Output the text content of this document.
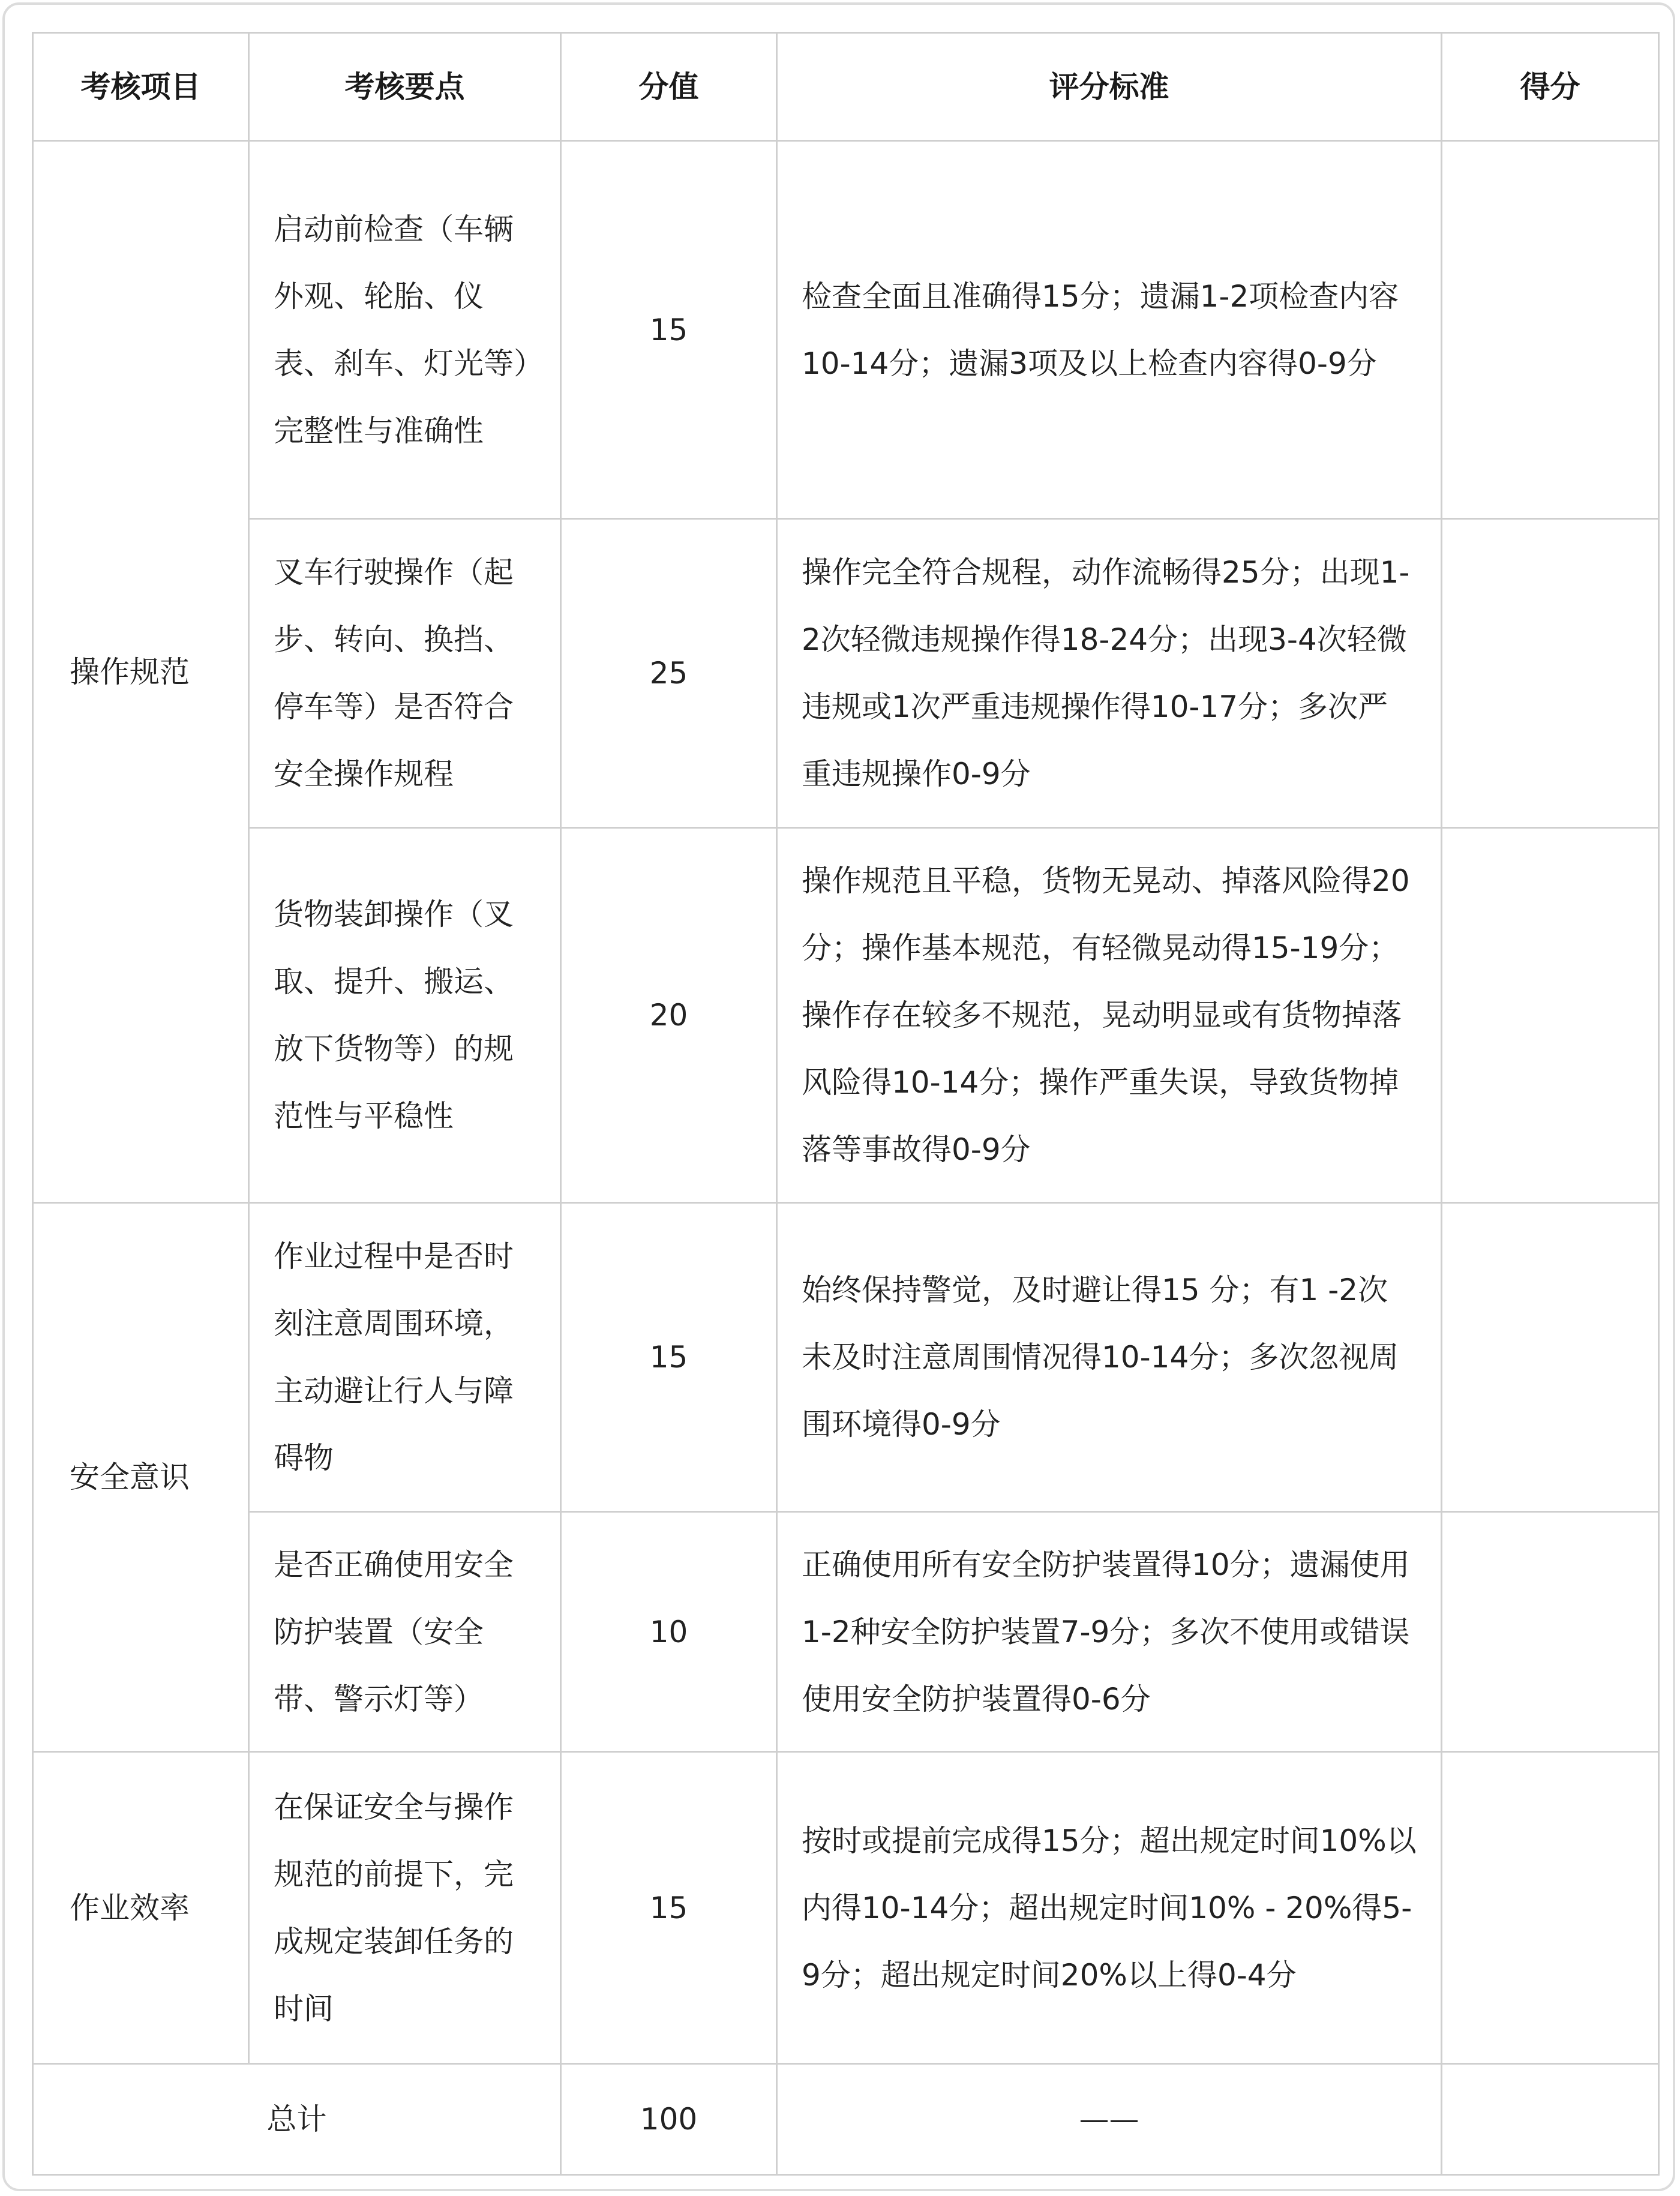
考核项目	考核要点	分值	评分标准	得分
操作规范	启动前检查（车辆外观、轮胎、仪表、刹车、灯光等）完整性与准确性	15	检查全面且准确得15分；遗漏1-2项检查内容10-14分；遗漏3项及以上检查内容得0-9分	
	叉车行驶操作（起步、转向、换挡、停车等）是否符合安全操作规程	25	操作完全符合规程，动作流畅得25分；出现1- 2次轻微违规操作得18-24分；出现3-4次轻微违规或1次严重违规操作得10-17分；多次严重违规操作0-9分	
	货物装卸操作（叉取、提升、搬运、放下货物等）的规范性与平稳性	20	操作规范且平稳，货物无晃动、掉落风险得20分；操作基本规范，有轻微晃动得15-19分；操作存在较多不规范，晃动明显或有货物掉落风险得10-14分；操作严重失误，导致货物掉落等事故得0-9分	
安全意识	作业过程中是否时刻注意周围环境，主动避让行人与障碍物	15	始终保持警觉，及时避让得15 分；有1 -2次未及时注意周围情况得10-14分；多次忽视周围环境得0-9分	
	是否正确使用安全防护装置（安全带、警示灯等）	10	正确使用所有安全防护装置得10分；遗漏使用1-2种安全防护装置7-9分；多次不使用或错误使用安全防护装置得0-6分	
作业效率	在保证安全与操作规范的前提下，完成规定装卸任务的时间	15	按时或提前完成得15分；超出规定时间10%以内得10-14分；超出规定时间10% - 20%得5-9分；超出规定时间20%以上得0-4分	
总计		100	——	
